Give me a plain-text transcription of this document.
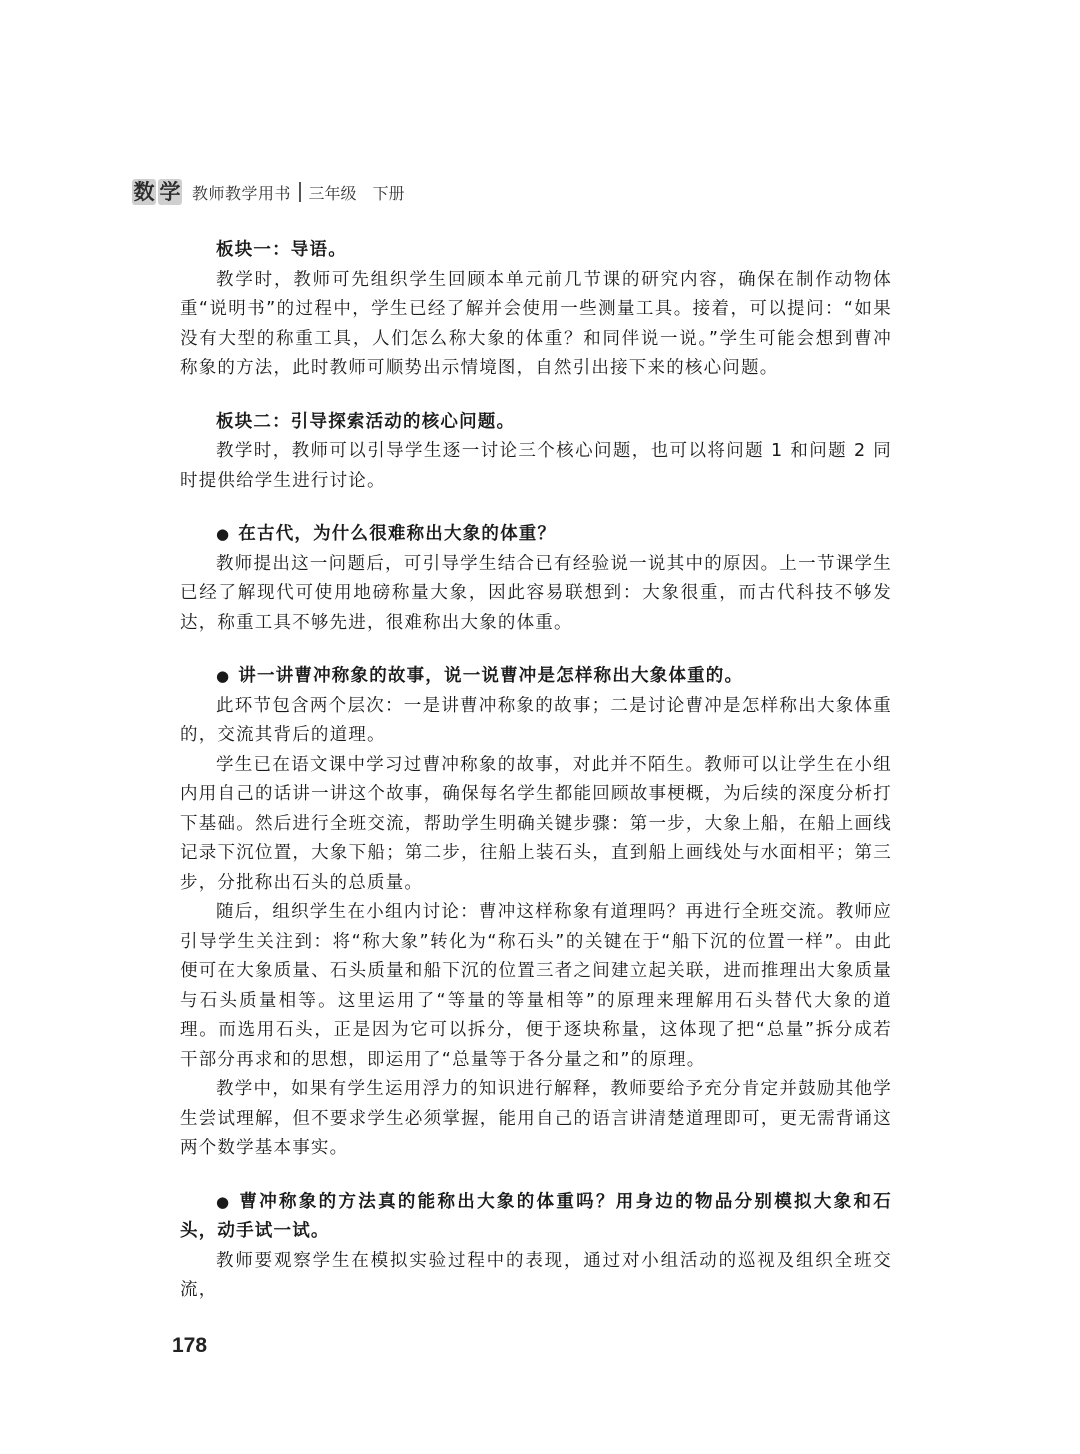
数 学 教师教学用书 三年级　下册

板块一：导语。

教学时，教师可先组织学生回顾本单元前几节课的研究内容，确保在制作动物体重“说明书”的过程中，学生已经了解并会使用一些测量工具。接着，可以提问：“如果没有大型的称重工具，人们怎么称大象的体重？和同伴说一说。”学生可能会想到曹冲称象的方法，此时教师可顺势出示情境图，自然引出接下来的核心问题。

板块二：引导探索活动的核心问题。

教学时，教师可以引导学生逐一讨论三个核心问题，也可以将问题 1 和问题 2 同时提供给学生进行讨论。

● 在古代，为什么很难称出大象的体重？

教师提出这一问题后，可引导学生结合已有经验说一说其中的原因。上一节课学生已经了解现代可使用地磅称量大象，因此容易联想到：大象很重，而古代科技不够发达，称重工具不够先进，很难称出大象的体重。

● 讲一讲曹冲称象的故事，说一说曹冲是怎样称出大象体重的。

此环节包含两个层次：一是讲曹冲称象的故事；二是讨论曹冲是怎样称出大象体重的，交流其背后的道理。

学生已在语文课中学习过曹冲称象的故事，对此并不陌生。教师可以让学生在小组内用自己的话讲一讲这个故事，确保每名学生都能回顾故事梗概，为后续的深度分析打下基础。然后进行全班交流，帮助学生明确关键步骤：第一步，大象上船，在船上画线记录下沉位置，大象下船；第二步，往船上装石头，直到船上画线处与水面相平；第三步，分批称出石头的总质量。

随后，组织学生在小组内讨论：曹冲这样称象有道理吗？再进行全班交流。教师应引导学生关注到：将“称大象”转化为“称石头”的关键在于“船下沉的位置一样”。由此便可在大象质量、石头质量和船下沉的位置三者之间建立起关联，进而推理出大象质量与石头质量相等。这里运用了“等量的等量相等”的原理来理解用石头替代大象的道理。而选用石头，正是因为它可以拆分，便于逐块称量，这体现了把“总量”拆分成若干部分再求和的思想，即运用了“总量等于各分量之和”的原理。

教学中，如果有学生运用浮力的知识进行解释，教师要给予充分肯定并鼓励其他学生尝试理解，但不要求学生必须掌握，能用自己的语言讲清楚道理即可，更无需背诵这两个数学基本事实。

● 曹冲称象的方法真的能称出大象的体重吗？用身边的物品分别模拟大象和石头，动手试一试。

教师要观察学生在模拟实验过程中的表现，通过对小组活动的巡视及组织全班交流，

178
